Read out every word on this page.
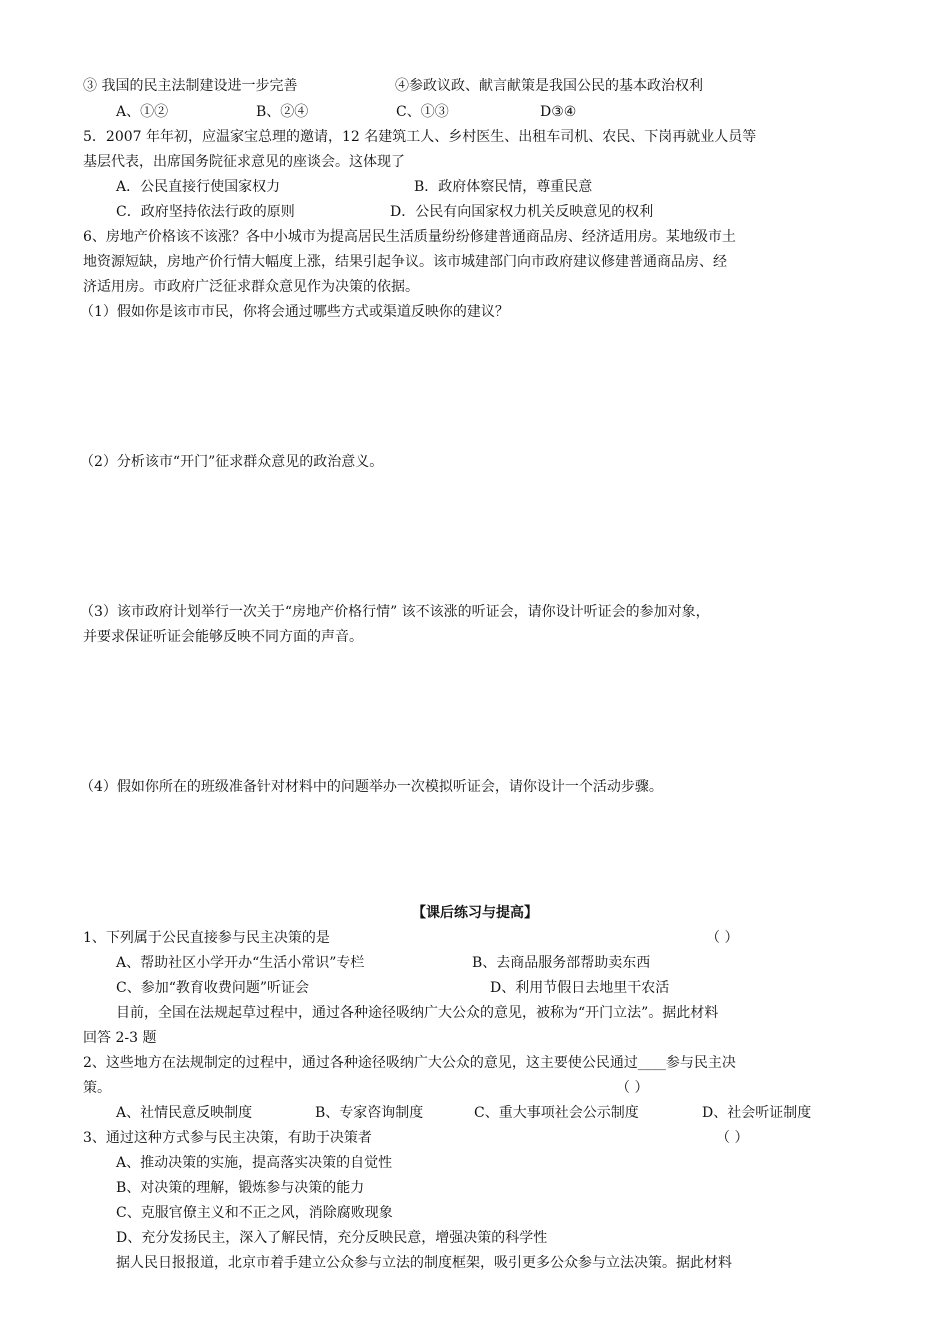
③ 我国的民主法制建设进一步完善	④参政议政、献言献策是我国公民的基本政治权利
A、①②	B、②④	C、①③	D③④
5．2007 年年初，应温家宝总理的邀请，12 名建筑工人、乡村医生、出租车司机、农民、下岗再就业人员等
基层代表，出席国务院征求意见的座谈会。这体现了
A．公民直接行使国家权力	B．政府体察民情，尊重民意
C．政府坚持依法行政的原则	D．公民有向国家权力机关反映意见的权利
6、房地产价格该不该涨？各中小城市为提高居民生活质量纷纷修建普通商品房、经济适用房。某地级市土
地资源短缺，房地产价行情大幅度上涨，结果引起争议。该市城建部门向市政府建议修建普通商品房、经
济适用房。市政府广泛征求群众意见作为决策的依据。
（1）假如你是该市市民，你将会通过哪些方式或渠道反映你的建议？
（2）分析该市“开门”征求群众意见的政治意义。
（3）该市政府计划举行一次关于“房地产价格行情” 该不该涨的听证会，请你设计听证会的参加对象，
并要求保证听证会能够反映不同方面的声音。
（4）假如你所在的班级准备针对材料中的问题举办一次模拟听证会，请你设计一个活动步骤。
【课后练习与提高】
1、下列属于公民直接参与民主决策的是	（ ）
A、帮助社区小学开办“生活小常识”专栏	B、去商品服务部帮助卖东西
C、参加“教育收费问题”听证会	D、利用节假日去地里干农活
目前，全国在法规起草过程中，通过各种途径吸纳广大公众的意见，被称为“开门立法”。据此材料
回答 2-3 题
2、这些地方在法规制定的过程中，通过各种途径吸纳广大公众的意见，这主要使公民通过____参与民主决
策。	（ ）
A、社情民意反映制度	B、专家咨询制度	C、重大事项社会公示制度	D、社会听证制度
3、通过这种方式参与民主决策，有助于决策者	（ ）
A、推动决策的实施，提高落实决策的自觉性
B、对决策的理解，锻炼参与决策的能力
C、克服官僚主义和不正之风，消除腐败现象
D、充分发扬民主，深入了解民情，充分反映民意，增强决策的科学性
据人民日报报道，北京市着手建立公众参与立法的制度框架，吸引更多公众参与立法决策。据此材料
